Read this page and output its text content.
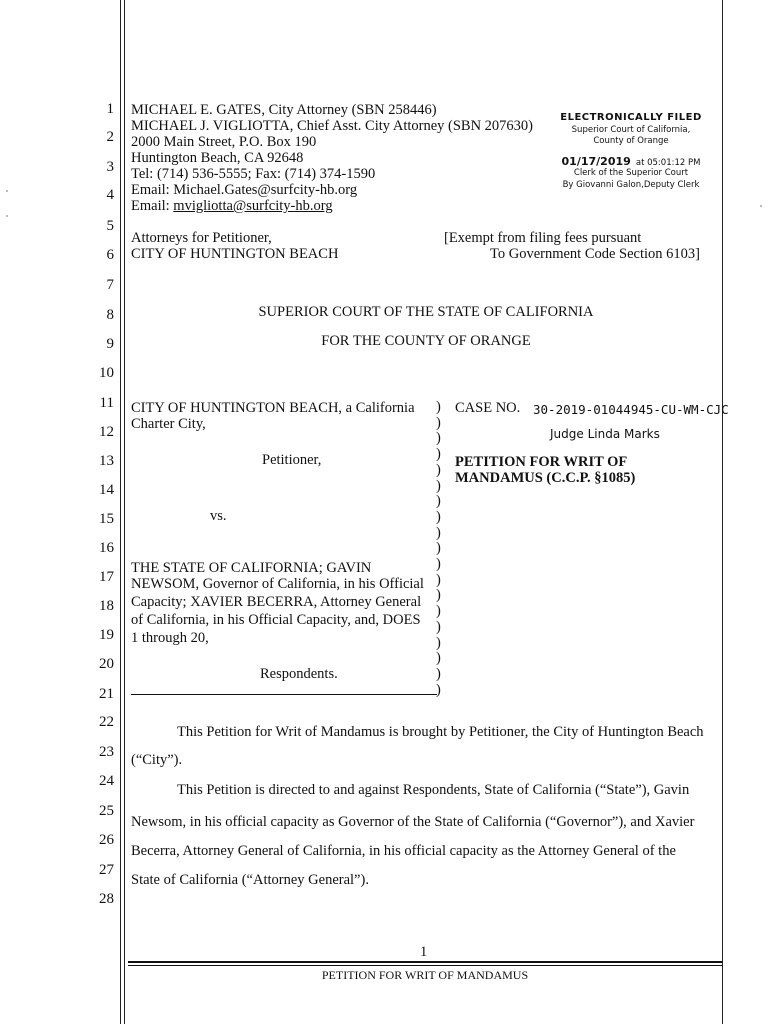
1
2
3
4
5
6
7
8
9
10
11
12
13
14
15
16
17
18
19
20
21
22
23
24
25
26
27
28
MICHAEL E. GATES, City Attorney (SBN 258446)
MICHAEL J. VIGLIOTTA, Chief Asst. City Attorney (SBN 207630)
2000 Main Street, P.O. Box 190
Huntington Beach, CA 92648
Tel: (714) 536-5555; Fax: (714) 374-1590
Email: Michael.Gates@surfcity-hb.org
Email: mvigliotta@surfcity-hb.org
Attorneys for Petitioner,
CITY OF HUNTINGTON BEACH
[Exempt from filing fees pursuant
To Government Code Section 6103]
ELECTRONICALLY FILED
Superior Court of California,
County of Orange
01/17/2019 at 05:01:12 PM
Clerk of the Superior Court
By Giovanni Galon,Deputy Clerk
SUPERIOR COURT OF THE STATE OF CALIFORNIA
FOR THE COUNTY OF ORANGE
CITY OF HUNTINGTON BEACH, a California
Charter City,
Petitioner,
vs.
THE STATE OF CALIFORNIA; GAVIN
NEWSOM, Governor of California, in his Official
Capacity; XAVIER BECERRA, Attorney General
of California, in his Official Capacity, and, DOES
1 through 20,
Respondents.
)
)
)
)
)
)
)
)
)
)
)
)
)
)
)
)
)
)
)
CASE NO. 30-2019-01044945-CU-WM-CJC
Judge Linda Marks
PETITION FOR WRIT OF
MANDAMUS (C.C.P. §1085)
This Petition for Writ of Mandamus is brought by Petitioner, the City of Huntington Beach
(“City”).
This Petition is directed to and against Respondents, State of California (“State”), Gavin
Newsom, in his official capacity as Governor of the State of California (“Governor”), and Xavier
Becerra, Attorney General of California, in his official capacity as the Attorney General of the
State of California (“Attorney General”).
1
PETITION FOR WRIT OF MANDAMUS
